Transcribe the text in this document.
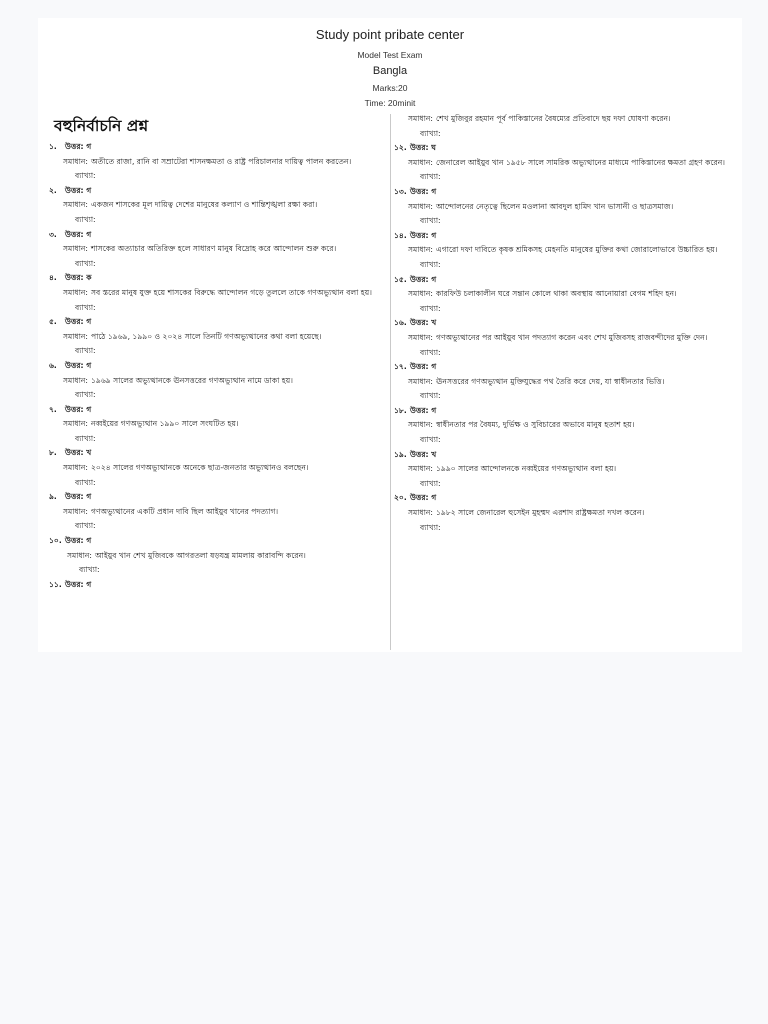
Study point pribate center
Model Test Exam
Bangla
Marks:20
Time: 20minit
বহুনির্বাচনি প্রশ্ন
১.	উত্তর:
গ
সমাধান: অতীতে রাজা, রানি বা সম্রাটেরা শাসনক্ষমতা ও রাষ্ট্র পরিচালনার দায়িত্ব পালন করতেন।
ব্যাখ্যা:
২.	উত্তর:
গ
সমাধান: একজন শাসকের মূল দায়িত্ব দেশের মানুষের কল্যাণ ও শান্তিশৃঙ্খলা রক্ষা করা।
ব্যাখ্যা:
৩.	উত্তর:
গ
সমাধান: শাসকের অত্যাচার অতিরিক্ত হলে সাধারণ মানুষ বিদ্রোহ করে আন্দোলন শুরু করে।
ব্যাখ্যা:
৪.	উত্তর:
ক
সমাধান: সব স্তরের মানুষ যুক্ত হয়ে শাসকের বিরুদ্ধে আন্দোলন গড়ে তুললে তাকে গণঅভ্যুত্থান বলা হয়।
ব্যাখ্যা:
৫.	উত্তর:
গ
সমাধান: পাঠে ১৯৬৯, ১৯৯০ ও ২০২৪ সালে তিনটি গণঅভ্যুত্থানের কথা বলা হয়েছে।
ব্যাখ্যা:
৬.	উত্তর:
গ
সমাধান: ১৯৬৯ সালের অভ্যুত্থানকে ঊনসত্তরের গণঅভ্যুত্থান নামে ডাকা হয়।
ব্যাখ্যা:
৭.	উত্তর:
গ
সমাধান: নব্বইয়ের গণঅভ্যুত্থান ১৯৯০ সালে সংঘটিত হয়।
ব্যাখ্যা:
৮.	উত্তর:
খ
সমাধান: ২০২৪ সালের গণঅভ্যুত্থানকে অনেকে ছাত্র-জনতার অভ্যুত্থানও বলছেন।
ব্যাখ্যা:
৯.	উত্তর:
গ
সমাধান: গণঅভ্যুত্থানের একটি প্রধান দাবি ছিল আইয়ুব খানের পদত্যাগ।
ব্যাখ্যা:
১০. উত্তর:
গ
সমাধান: আইয়ুব খান শেখ মুজিবকে আগরতলা ষড়যন্ত্র মামলায় কারাবন্দি করেন।
ব্যাখ্যা:
১১. উত্তর:
গ
সমাধান: শেখ মুজিবুর রহমান পূর্ব পাকিস্তানের বৈষম্যের প্রতিবাদে ছয় দফা ঘোষণা করেন।
ব্যাখ্যা:
১২. উত্তর:
ঘ
সমাধান: জেনারেল আইয়ুব খান ১৯৫৮ সালে সামরিক অভ্যুত্থানের মাধ্যমে পাকিস্তানের ক্ষমতা গ্রহণ করেন।
ব্যাখ্যা:
১৩. উত্তর:
গ
সমাধান: আন্দোলনের নেতৃত্বে ছিলেন মওলানা আবদুল হামিদ খান ভাসানী ও ছাত্রসমাজ।
ব্যাখ্যা:
১৪. উত্তর:
গ
সমাধান: এগারো দফা দাবিতে কৃষক শ্রমিকসহ মেহনতি মানুষের মুক্তির কথা জোরালোভাবে উচ্চারিত হয়।
ব্যাখ্যা:
১৫. উত্তর:
গ
সমাধান: কারফিউ চলাকালীন ঘরে সন্তান কোলে থাকা অবস্থায় আনোয়ারা বেগম শহিদ হন।
ব্যাখ্যা:
১৬. উত্তর:
খ
সমাধান: গণঅভ্যুত্থানের পর আইয়ুব খান পদত্যাগ করেন এবং শেখ মুজিবসহ রাজবন্দীদের মুক্তি দেন।
ব্যাখ্যা:
১৭. উত্তর:
গ
সমাধান: ঊনসত্তরের গণঅভ্যুত্থান মুক্তিযুদ্ধের পথ তৈরি করে দেয়, যা স্বাধীনতার ভিত্তি।
ব্যাখ্যা:
১৮. উত্তর:
গ
সমাধান: স্বাধীনতার পর বৈষম্য, দুর্ভিক্ষ ও সুবিচারের অভাবে মানুষ হতাশ হয়।
ব্যাখ্যা:
১৯. উত্তর:
খ
সমাধান: ১৯৯০ সালের আন্দোলনকে নব্বইয়ের গণঅভ্যুত্থান বলা হয়।
ব্যাখ্যা:
২০. উত্তর:
গ
সমাধান: ১৯৮২ সালে জেনারেল হুসেইন মুহম্মদ এরশাদ রাষ্ট্রক্ষমতা দখল করেন।
ব্যাখ্যা:
